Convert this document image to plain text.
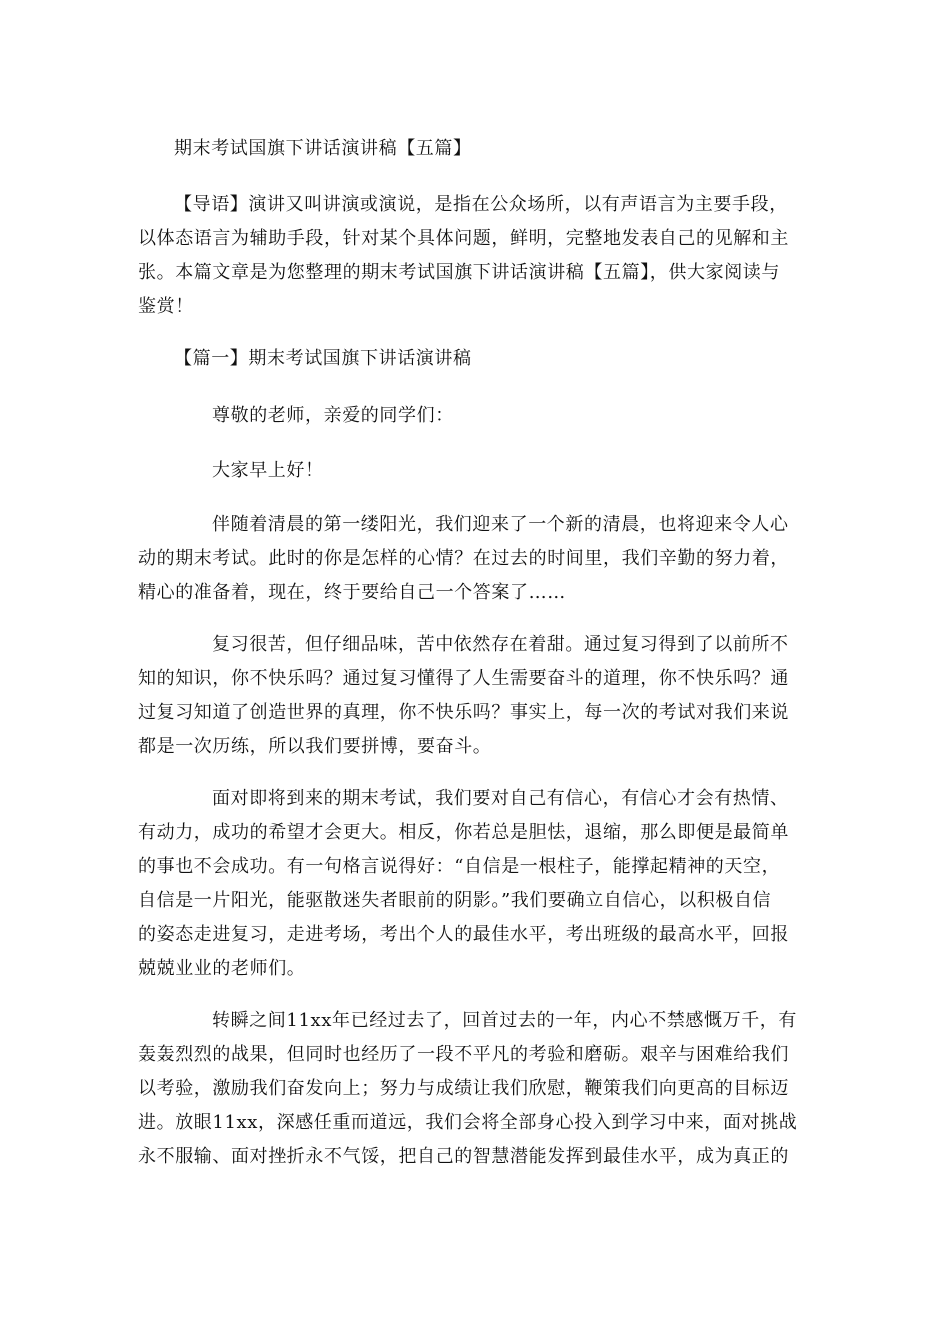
期末考试国旗下讲话演讲稿【五篇】
【导语】演讲又叫讲演或演说，是指在公众场所，以有声语言为主要手段，
以体态语言为辅助手段，针对某个具体问题，鲜明，完整地发表自己的见解和主
张。本篇文章是为您整理的期末考试国旗下讲话演讲稿【五篇】，供大家阅读与
鉴赏！
【篇一】期末考试国旗下讲话演讲稿
尊敬的老师，亲爱的同学们：
大家早上好！
伴随着清晨的第一缕阳光，我们迎来了一个新的清晨，也将迎来令人心
动的期末考试。此时的你是怎样的心情？在过去的时间里，我们辛勤的努力着，
精心的准备着，现在，终于要给自己一个答案了……
复习很苦，但仔细品味，苦中依然存在着甜。通过复习得到了以前所不
知的知识，你不快乐吗？通过复习懂得了人生需要奋斗的道理，你不快乐吗？通
过复习知道了创造世界的真理，你不快乐吗？事实上，每一次的考试对我们来说
都是一次历练，所以我们要拼博，要奋斗。
面对即将到来的期末考试，我们要对自己有信心，有信心才会有热情、
有动力，成功的希望才会更大。相反，你若总是胆怯，退缩，那么即便是最简单
的事也不会成功。有一句格言说得好：“自信是一根柱子，能撑起精神的天空，
自信是一片阳光，能驱散迷失者眼前的阴影。”我们要确立自信心，以积极自信
的姿态走进复习，走进考场，考出个人的最佳水平，考出班级的最高水平，回报
兢兢业业的老师们。
转瞬之间11xx年已经过去了，回首过去的一年，内心不禁感慨万千，有
轰轰烈烈的战果，但同时也经历了一段不平凡的考验和磨砺。艰辛与困难给我们
以考验，激励我们奋发向上；努力与成绩让我们欣慰，鞭策我们向更高的目标迈
进。放眼11xx，深感任重而道远，我们会将全部身心投入到学习中来，面对挑战
永不服输、面对挫折永不气馁，把自己的智慧潜能发挥到最佳水平，成为真正的
